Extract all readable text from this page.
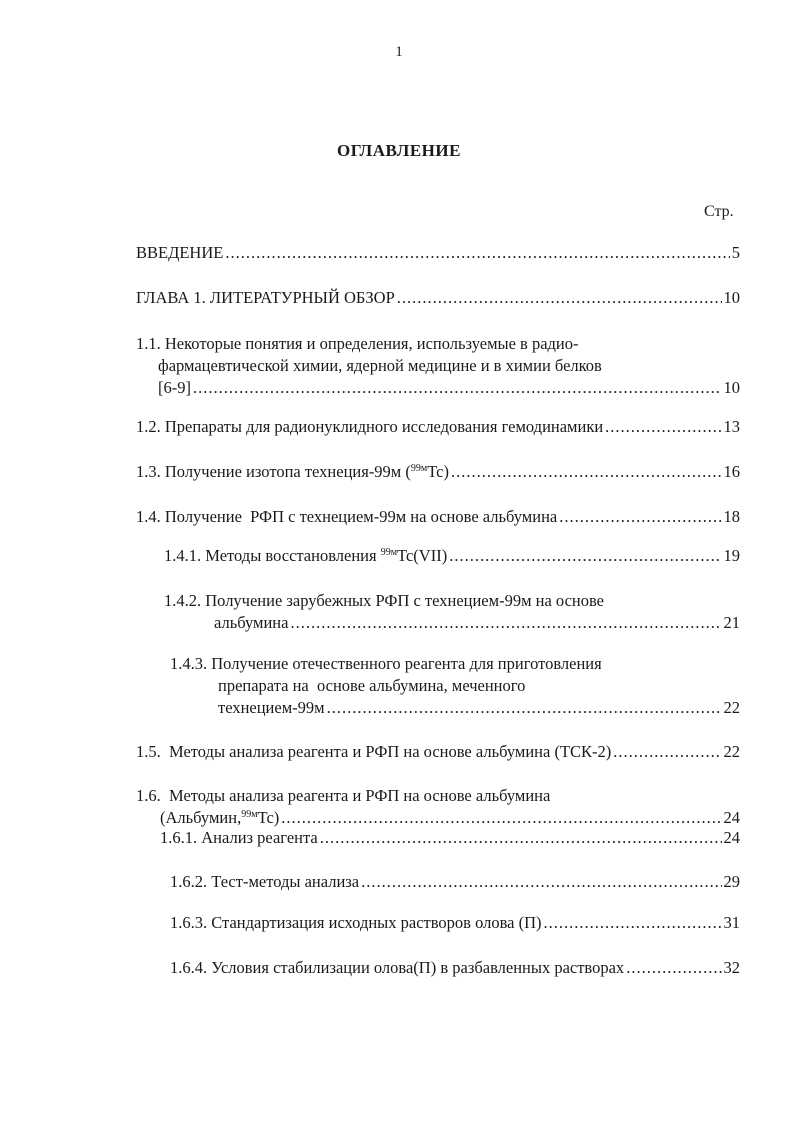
1
ОГЛАВЛЕНИЕ
Стр.
ВВЕДЕНИЕ .....	5
ГЛАВА 1. ЛИТЕРАТУРНЫЙ ОБЗОР .....	10
1.1. Некоторые понятия и определения, используемые в радио-
фармацевтической химии, ядерной медицине и в химии белков
[6-9] .....	10
1.2. Препараты для радионуклидного исследования гемодинамики .....	13
1.3. Получение изотопа технеция-99м ($^{99м}$Tc) .....	16
1.4. Получение  РФП с технецием-99м на основе альбумина .....	18
1.4.1. Методы восстановления $^{99м}$Tc(VII) .....	19
1.4.2. Получение зарубежных РФП с технецием-99м на основе
альбумина .....	21
1.4.3. Получение отечественного реагента для приготовления
препарата на  основе альбумина, меченного
технецием-99м .....	22
1.5.  Методы анализа реагента и РФП на основе альбумина (ТСК-2) .....	22
1.6.  Методы анализа реагента и РФП на основе альбумина
(Альбумин,$^{99м}$Tc) .....	24
1.6.1. Анализ реагента .....	24
1.6.2. Тест-методы анализа .....	29
1.6.3. Стандартизация исходных растворов олова (П) .....	31
1.6.4. Условия стабилизации олова(П) в разбавленных растворах .....	32
